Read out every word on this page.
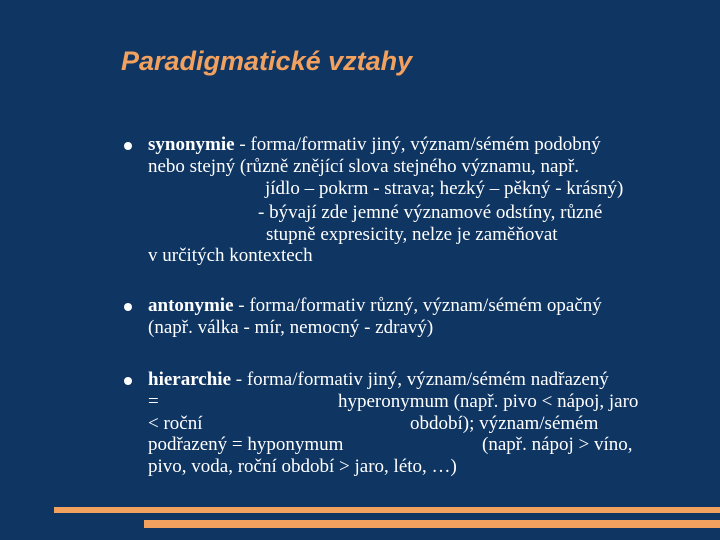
Paradigmatické vztahy
synonymie - forma/formativ jiný, význam/sémém podobný
nebo stejný (různě znějící slova stejného významu, např.
jídlo – pokrm - strava; hezký – pěkný - krásný)
- bývají zde jemné významové odstíny, různé
stupně expresicity, nelze je zaměňovat
v určitých kontextech
antonymie - forma/formativ různý, význam/sémém opačný
(např. válka - mír, nemocný - zdravý)
hierarchie - forma/formativ jiný, význam/sémém nadřazený
=	hyperonymum (např. pivo < nápoj, jaro
< roční	období); význam/sémém
podřazený = hyponymum	(např. nápoj > víno,
pivo, voda, roční období > jaro, léto, …)
